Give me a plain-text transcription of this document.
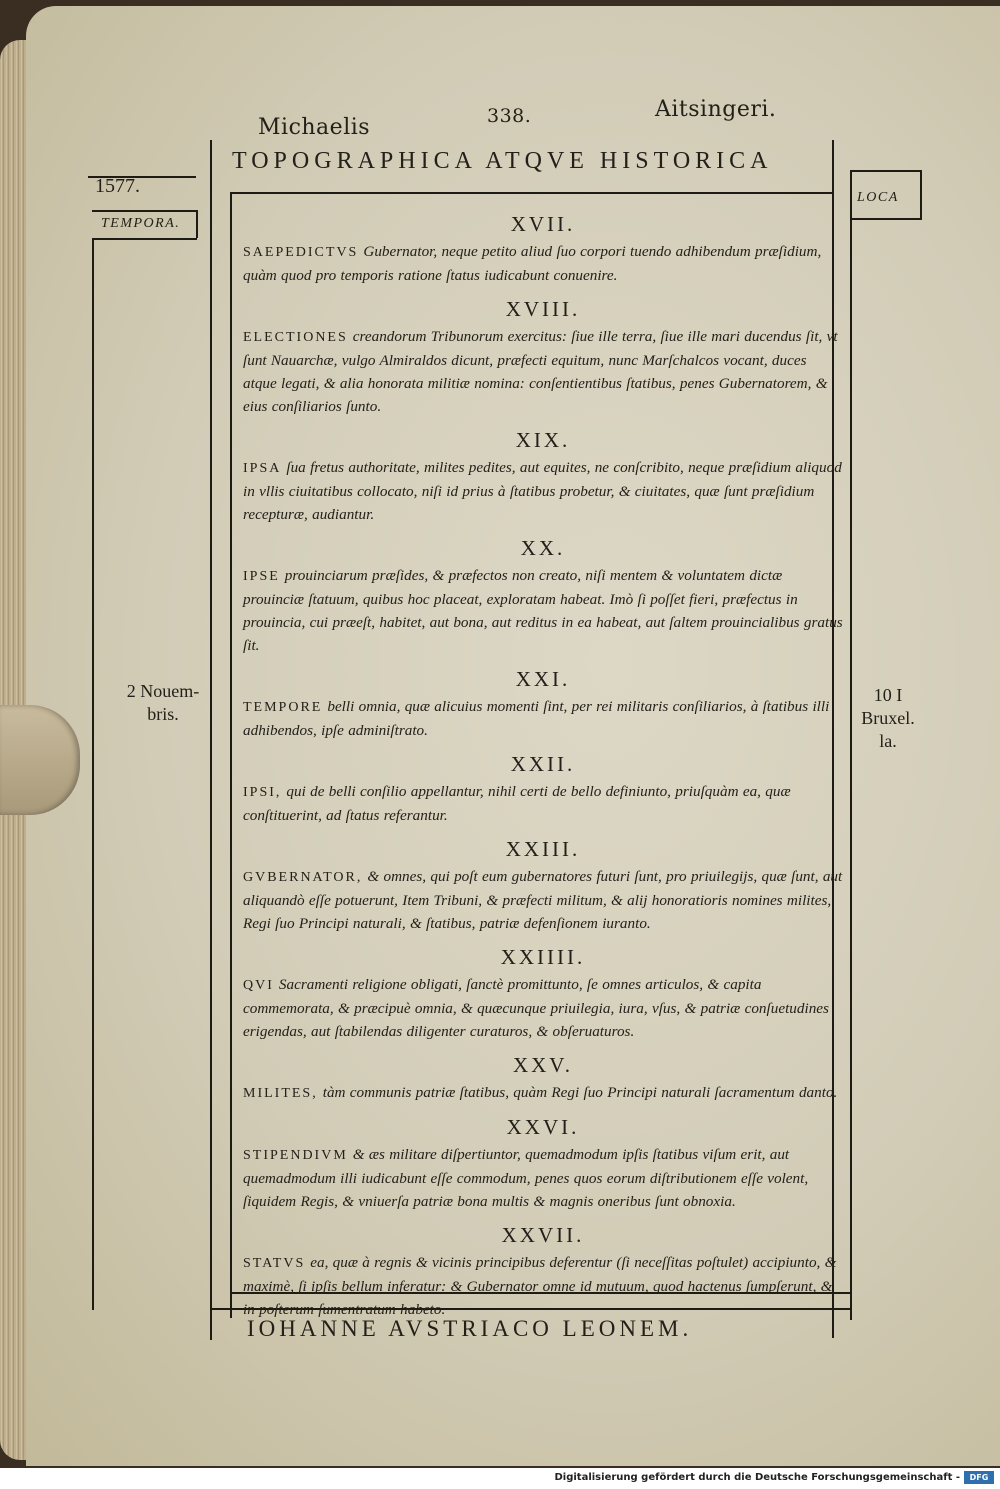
Michaelis	338.	Aitsingeri.
1577.
TOPOGRAPHICA ATQVE HISTORICA
TEMPORA.
LOCA
XVII.

SAEPEDICTVS Gubernator, neque petito aliud ſuo corpori tuendo adhibendum præſidium, quàm quod pro temporis ratione ſtatus iudicabunt conuenire.

XVIII.

ELECTIONES creandorum Tribunorum exercitus: ſiue ille terra, ſiue ille mari ducendus ſit, vt ſunt Nauarchæ, vulgo Almiraldos dicunt, præfecti equitum, nunc Marſchalcos vocant, duces atque legati, & alia honorata militiæ nomina: conſentientibus ſtatibus, penes Gubernatorem, & eius conſiliarios ſunto.

XIX.

IPSA ſua fretus authoritate, milites pedites, aut equites, ne conſcribito, neque præſidium aliquod in vllis ciuitatibus collocato, niſi id prius à ſtatibus probetur, & ciuitates, quæ ſunt præſidium recepturæ, audiantur.

XX.

IPSE prouinciarum præſides, & præfectos non creato, niſi mentem & voluntatem dictæ prouinciæ ſtatuum, quibus hoc placeat, exploratam habeat. Imò ſi poſſet fieri, præfectus in prouincia, cui præeſt, habitet, aut bona, aut reditus in ea habeat, aut ſaltem prouincialibus gratus ſit.

XXI.

TEMPORE belli omnia, quæ alicuius momenti ſint, per rei militaris conſiliarios, à ſtatibus illi adhibendos, ipſe adminiſtrato.

XXII.

IPSI, qui de belli conſilio appellantur, nihil certi de bello definiunto, priuſquàm ea, quæ conſtituerint, ad ſtatus referantur.

XXIII.

GVBERNATOR, & omnes, qui poſt eum gubernatores futuri ſunt, pro priuilegijs, quæ ſunt, aut aliquandò eſſe potuerunt, Item Tribuni, & præfecti militum, & alij honoratioris nomines milites, Regi ſuo Principi naturali, & ſtatibus, patriæ defenſionem iuranto.

XXIIII.

QVI Sacramenti religione obligati, ſanctè promittunto, ſe omnes articulos, & capita commemorata, & præcipuè omnia, & quæcunque priuilegia, iura, vſus, & patriæ conſuetudines erigendas, aut ſtabilendas diligenter curaturos, & obſeruaturos.

XXV.

MILITES, tàm communis patriæ ſtatibus, quàm Regi ſuo Principi naturali ſacramentum danto.

XXVI.

STIPENDIVM & æs militare diſpertiuntor, quemadmodum ipſis ſtatibus viſum erit, aut quemadmodum illi iudicabunt eſſe commodum, penes quos eorum diſtributionem eſſe volent, ſiquidem Regis, & vniuerſa patriæ bona multis & magnis oneribus ſunt obnoxia.

XXVII.

STATVS ea, quæ à regnis & vicinis principibus deferentur (ſi neceſſitas poſtulet) accipiunto, & maximè, ſi ipſis bellum inferatur: & Gubernator omne id mutuum, quod hactenus ſumpſerunt, & in poſterum ſumentratum habeto.

2 Nouem-
bris.
10 I
Bruxel.
la.
IOHANNE AVSTRIACO LEONEM.
Digitalisierung gefördert durch die Deutsche Forschungsgemeinschaft -	DFG
